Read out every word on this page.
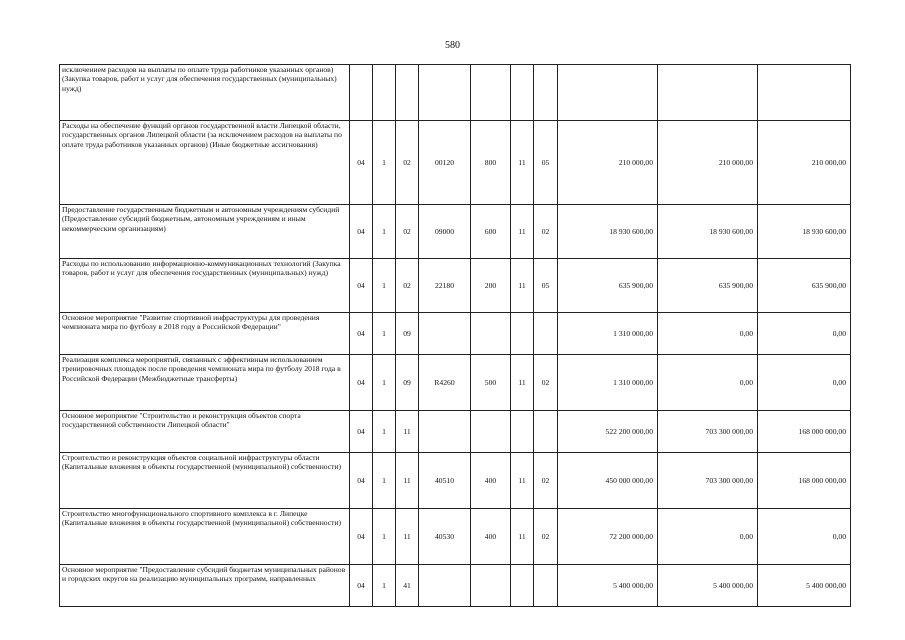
580
исключением расходов на выплаты по оплате труда работников указанных органов) (Закупка товаров, работ и услуг для обеспечения государственных (муниципальных) нужд)										
Расходы на обеспечение функций органов государственной власти Липецкой области, государственных органов Липецкой области (за исключением расходов на выплаты по оплате труда работников указанных органов) (Иные бюджетные ассигнования)	04	1	02	00120	800	11	05	210 000,00	210 000,00	210 000,00
Предоставление государственным бюджетным и автономным учреждениям субсидий (Предоставление субсидий бюджетным, автономным учреждениям и иным некоммерческим организациям)	04	1	02	09000	600	11	02	18 930 600,00	18 930 600,00	18 930 600,00
Расходы по использованию информационно-коммуникационных технологий (Закупка товаров, работ и услуг для обеспечения государственных (муниципальных) нужд)	04	1	02	22180	200	11	05	635 900,00	635 900,00	635 900,00
Основное мероприятие "Развитие спортивной инфраструктуры для проведения чемпионата мира по футболу в 2018 году в Российской Федерации"	04	1	09					1 310 000,00	0,00	0,00
Реализация комплекса мероприятий, связанных с эффективным использованием тренировочных площадок после проведения чемпионата мира по футболу 2018 года в Российской Федерации (Межбюджетные трансферты)	04	1	09	R4260	500	11	02	1 310 000,00	0,00	0,00
Основное мероприятие "Строительство и реконструкция объектов спорта государственной собственности Липецкой области"	04	1	11					522 200 000,00	703 300 000,00	168 000 000,00
Строительство и реконструкция объектов социальной инфраструктуры области (Капитальные вложения в объекты государственной (муниципальной) собственности)	04	1	11	40510	400	11	02	450 000 000,00	703 300 000,00	168 000 000,00
Строительство многофункционального спортивного комплекса в г. Липецке (Капитальные вложения в объекты государственной (муниципальной) собственности)	04	1	11	40530	400	11	02	72 200 000,00	0,00	0,00
Основное мероприятие "Предоставление субсидий бюджетам муниципальных районов и городских округов на реализацию муниципальных программ, направленных	04	1	41					5 400 000,00	5 400 000,00	5 400 000,00
